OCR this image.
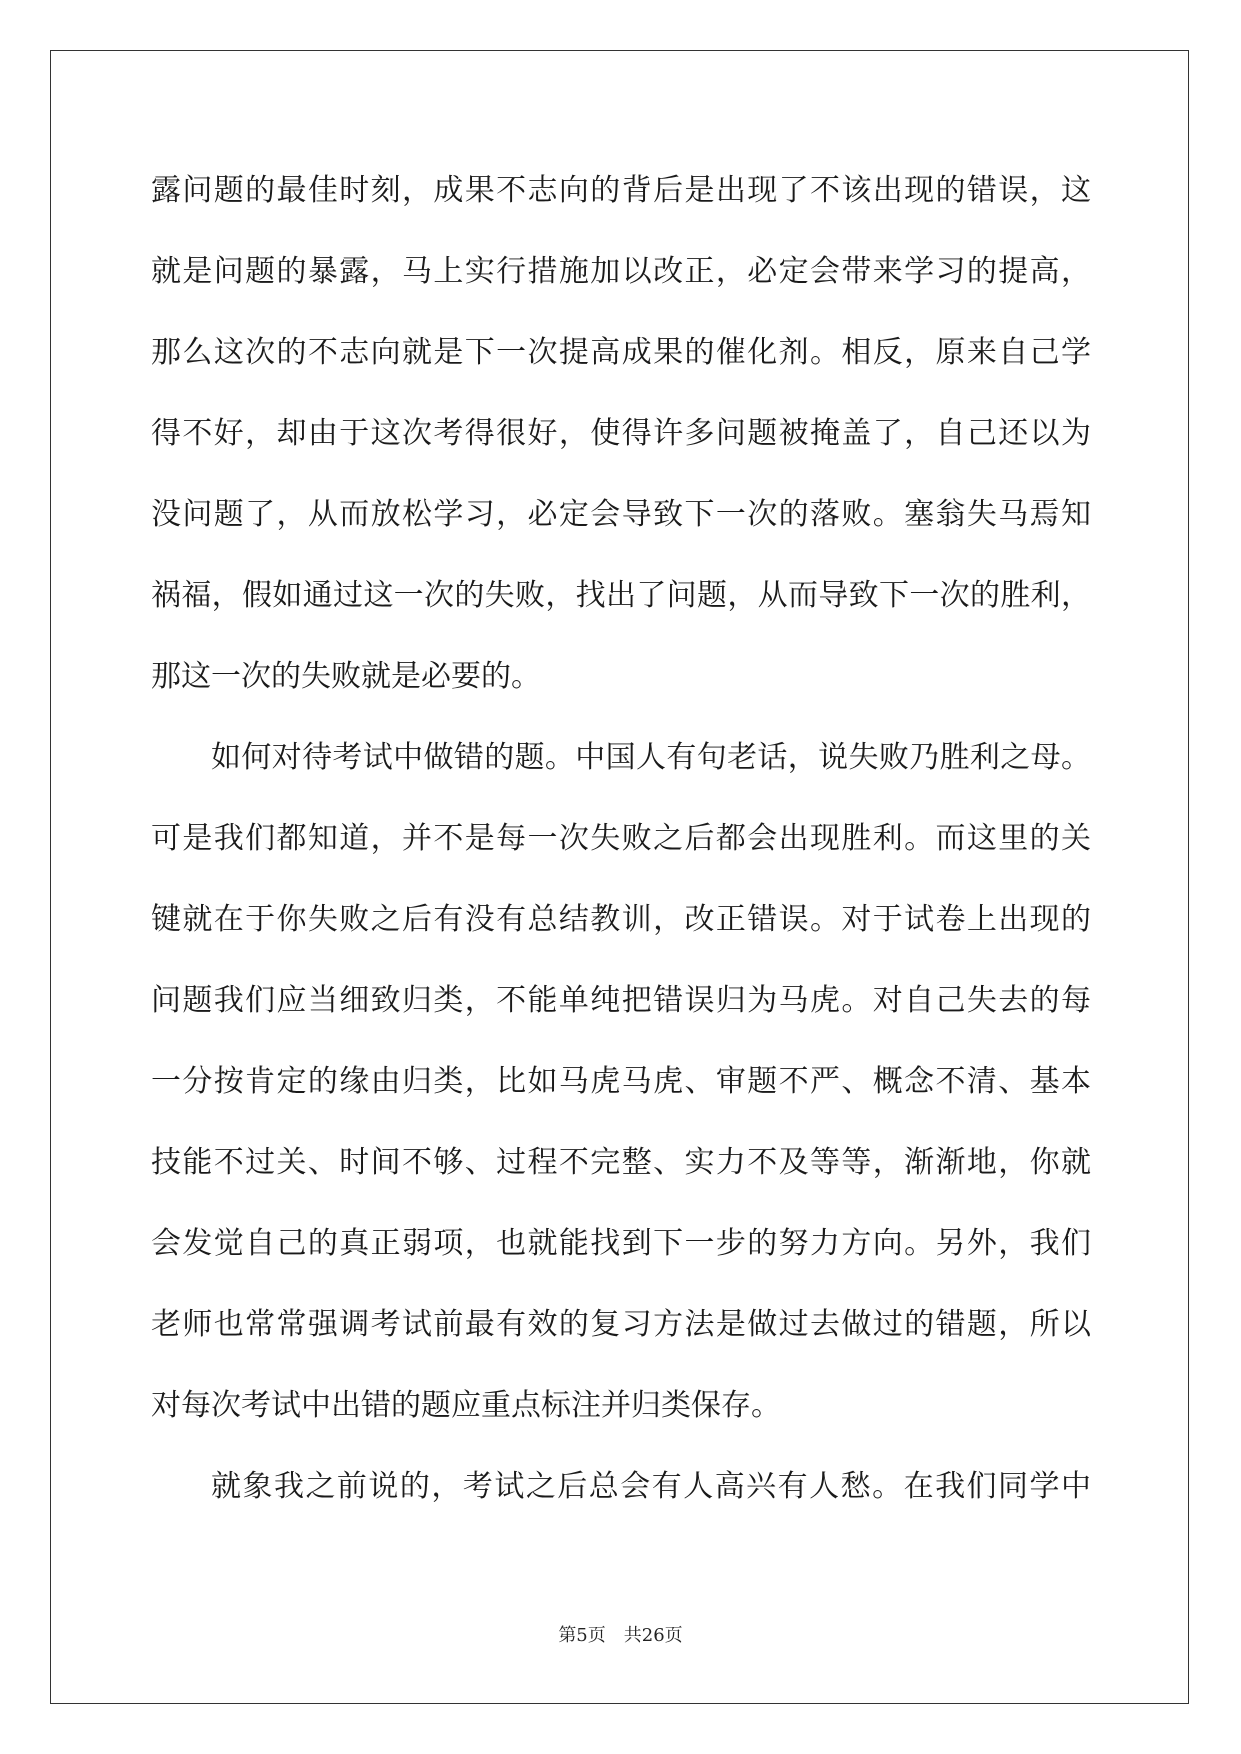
露问题的最佳时刻，成果不志向的背后是出现了不该出现的错误，这
就是问题的暴露，马上实行措施加以改正，必定会带来学习的提高，
那么这次的不志向就是下一次提高成果的催化剂。相反，原来自己学
得不好，却由于这次考得很好，使得许多问题被掩盖了，自己还以为
没问题了，从而放松学习，必定会导致下一次的落败。塞翁失马焉知
祸福，假如通过这一次的失败，找出了问题，从而导致下一次的胜利，
那这一次的失败就是必要的。
如何对待考试中做错的题。中国人有句老话，说失败乃胜利之母。
可是我们都知道，并不是每一次失败之后都会出现胜利。而这里的关
键就在于你失败之后有没有总结教训，改正错误。对于试卷上出现的
问题我们应当细致归类，不能单纯把错误归为马虎。对自己失去的每
一分按肯定的缘由归类，比如马虎马虎、审题不严、概念不清、基本
技能不过关、时间不够、过程不完整、实力不及等等，渐渐地，你就
会发觉自己的真正弱项，也就能找到下一步的努力方向。另外，我们
老师也常常强调考试前最有效的复习方法是做过去做过的错题，所以
对每次考试中出错的题应重点标注并归类保存。
就象我之前说的，考试之后总会有人高兴有人愁。在我们同学中
第5页　共26页
